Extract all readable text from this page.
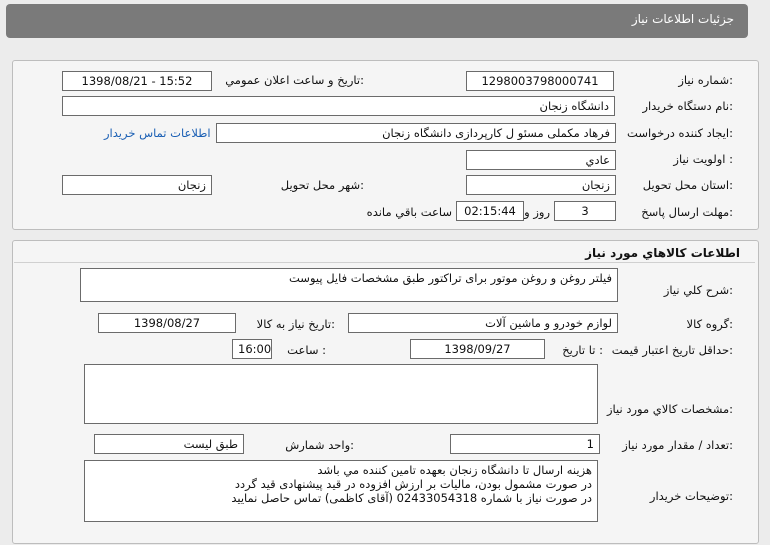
جزئيات اطلاعات نياز
شماره نياز:
1298003798000741
تاريخ و ساعت اعلان عمومي:
1398/08/21 - 15:52
نام دستگاه خريدار:
دانشگاه زنجان
ايجاد کننده درخواست:
فرهاد مکملی مسئو ل کارپردازی دانشگاه زنجان
اطلاعات تماس خريدار
اولويت نياز :
عادي
استان محل تحويل:
زنجان
شهر محل تحويل:
زنجان
مهلت ارسال پاسخ:
3
روز و
02:15:44
ساعت باقي مانده
اطلاعات کالاهاي مورد نياز
شرح کلي نياز:
فیلتر روغن و روغن موتور برای تراکتور طبق مشخصات فایل پیوست
گروه کالا:
لوازم خودرو و ماشين آلات
تاريخ نياز به کالا:
1398/08/27
حداقل تاريخ اعتبار قيمت:
تا تاريخ :
1398/09/27
ساعت :
16:00
مشخصات کالاي مورد نياز:
تعداد / مقدار مورد نياز:
1
واحد شمارش:
طبق ليست
توضيحات خريدار:
هزينه ارسال تا دانشگاه زنجان بعهده تامين کننده مي باشد
در صورت مشمول بودن، ماليات بر ارزش افزوده در قيد پيشنهادی قيد گردد
در صورت نياز با شماره 02433054318 (آقای کاظمی) تماس حاصل نماييد
